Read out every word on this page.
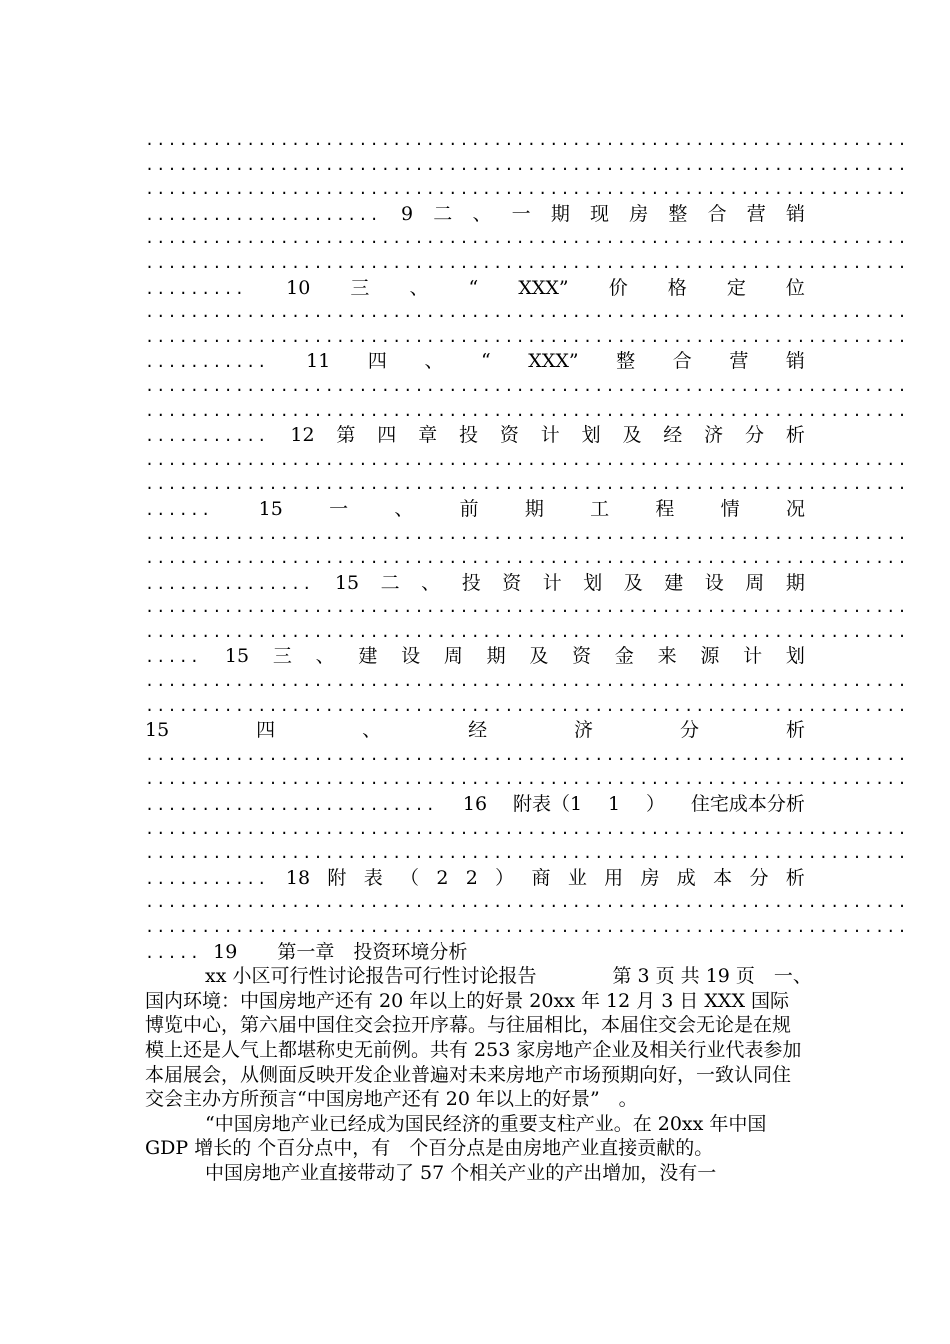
....................................................................
....................................................................
....................................................................
..................... 9 二 、 一 期 现 房 整 合 营 销
....................................................................
....................................................................
......... 10 三 、 “ XXX” 价 格 定 位
....................................................................
....................................................................
........... 11 四 、 “ XXX” 整 合 营 销
....................................................................
....................................................................
........... 12 第 四 章 投 资 计 划 及 经 济 分 析
....................................................................
....................................................................
...... 15 一 、 前 期 工 程 情 况
....................................................................
....................................................................
............... 15 二 、 投 资 计 划 及 建 设 周 期
....................................................................
....................................................................
..... 15 三 、 建 设 周 期 及 资 金 来 源 计 划
....................................................................
....................................................................
15	四	、	经	济	分	析
....................................................................
....................................................................
.......................... 16 附表（1 1 ） 住宅成本分析
....................................................................
....................................................................
........... 18 附 表 （ 2 2 ） 商 业 用 房 成 本 分 析
....................................................................
....................................................................
..... 19 第一章　投资环境分析

xx 小区可行性讨论报告可行性讨论报告　　　　第 3 页 共 19 页　一、　　国内环境：中国房地产还有 20 年以上的好景 20xx 年 12 月 3 日 XXX 国际博览中心，第六届中国住交会拉开序幕。与往届相比，本届住交会无论是在规模上还是人气上都堪称史无前例。共有 253 家房地产企业及相关行业代表参加本届展会，从侧面反映开发企业普遍对未来房地产市场预期向好，一致认同住交会主办方所预言“中国房地产还有 20 年以上的好景”　。

“中国房地产业已经成为国民经济的重要支柱产业。在 20xx 年中国 GDP 增长的 个百分点中，有　个百分点是由房地产业直接贡献的。

中国房地产业直接带动了 57 个相关产业的产出增加，没有一
